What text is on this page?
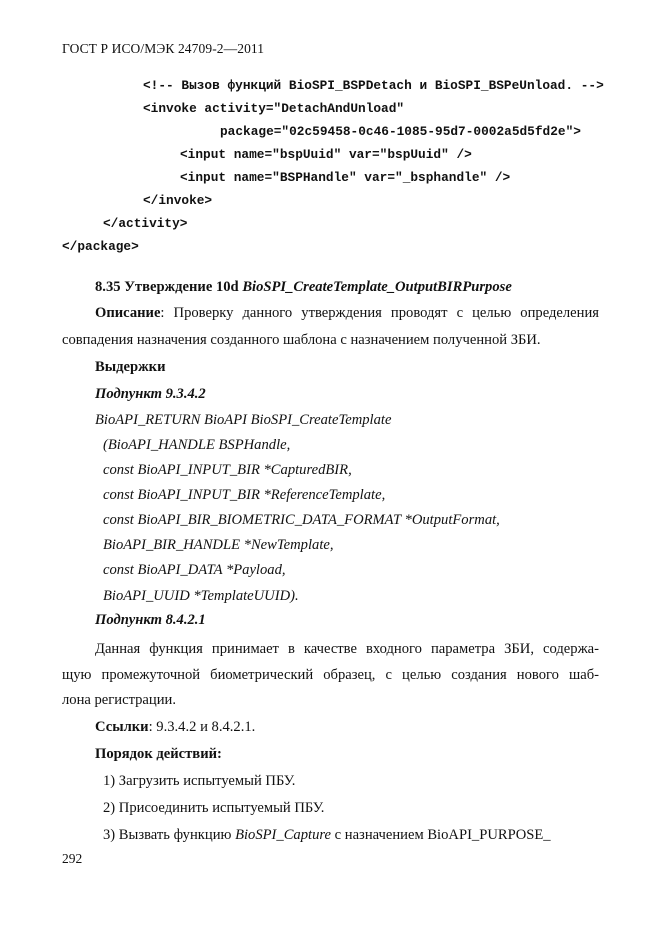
ГОСТ Р ИСО/МЭК 24709-2—2011
<!-- Вызов функций BioSPI_BSPDetach и BioSPI_BSPeUnload. -->
<invoke activity="DetachAndUnload"
package="02c59458-0c46-1085-95d7-0002a5d5fd2e">
<input name="bspUuid" var="bspUuid" />
<input name="BSPHandle" var="_bsphandle" />
</invoke>
</activity>
</package>
8.35 Утверждение 10d BioSPI_CreateTemplate_OutputBIRPurpose
Описание: Проверку данного утверждения проводят с целью определения
совпадения назначения созданного шаблона с назначением полученной ЗБИ.
Выдержки
Подпункт 9.3.4.2
BioAPI_RETURN BioAPI BioSPI_CreateTemplate
(BioAPI_HANDLE BSPHandle,
const BioAPI_INPUT_BIR *CapturedBIR,
const BioAPI_INPUT_BIR *ReferenceTemplate,
const BioAPI_BIR_BIOMETRIC_DATA_FORMAT *OutputFormat,
BioAPI_BIR_HANDLE *NewTemplate,
const BioAPI_DATA *Payload,
BioAPI_UUID *TemplateUUID).
Подпункт 8.4.2.1
Данная функция принимает в качестве входного параметра ЗБИ, содержа-
щую промежуточной биометрический образец, с целью создания нового шаб-
лона регистрации.
Ссылки: 9.3.4.2 и 8.4.2.1.
Порядок действий:
1) Загрузить испытуемый ПБУ.
2) Присоединить испытуемый ПБУ.
3) Вызвать функцию BioSPI_Capture с назначением BioAPI_PURPOSE_
292
